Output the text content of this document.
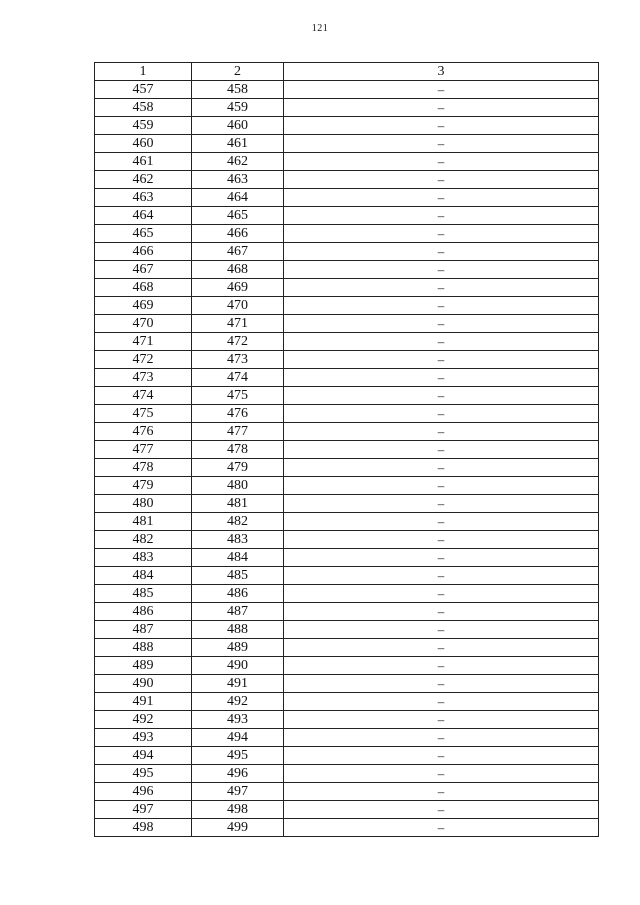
121
1	2	3
457	458	–
458	459	–
459	460	–
460	461	–
461	462	–
462	463	–
463	464	–
464	465	–
465	466	–
466	467	–
467	468	–
468	469	–
469	470	–
470	471	–
471	472	–
472	473	–
473	474	–
474	475	–
475	476	–
476	477	–
477	478	–
478	479	–
479	480	–
480	481	–
481	482	–
482	483	–
483	484	–
484	485	–
485	486	–
486	487	–
487	488	–
488	489	–
489	490	–
490	491	–
491	492	–
492	493	–
493	494	–
494	495	–
495	496	–
496	497	–
497	498	–
498	499	–
